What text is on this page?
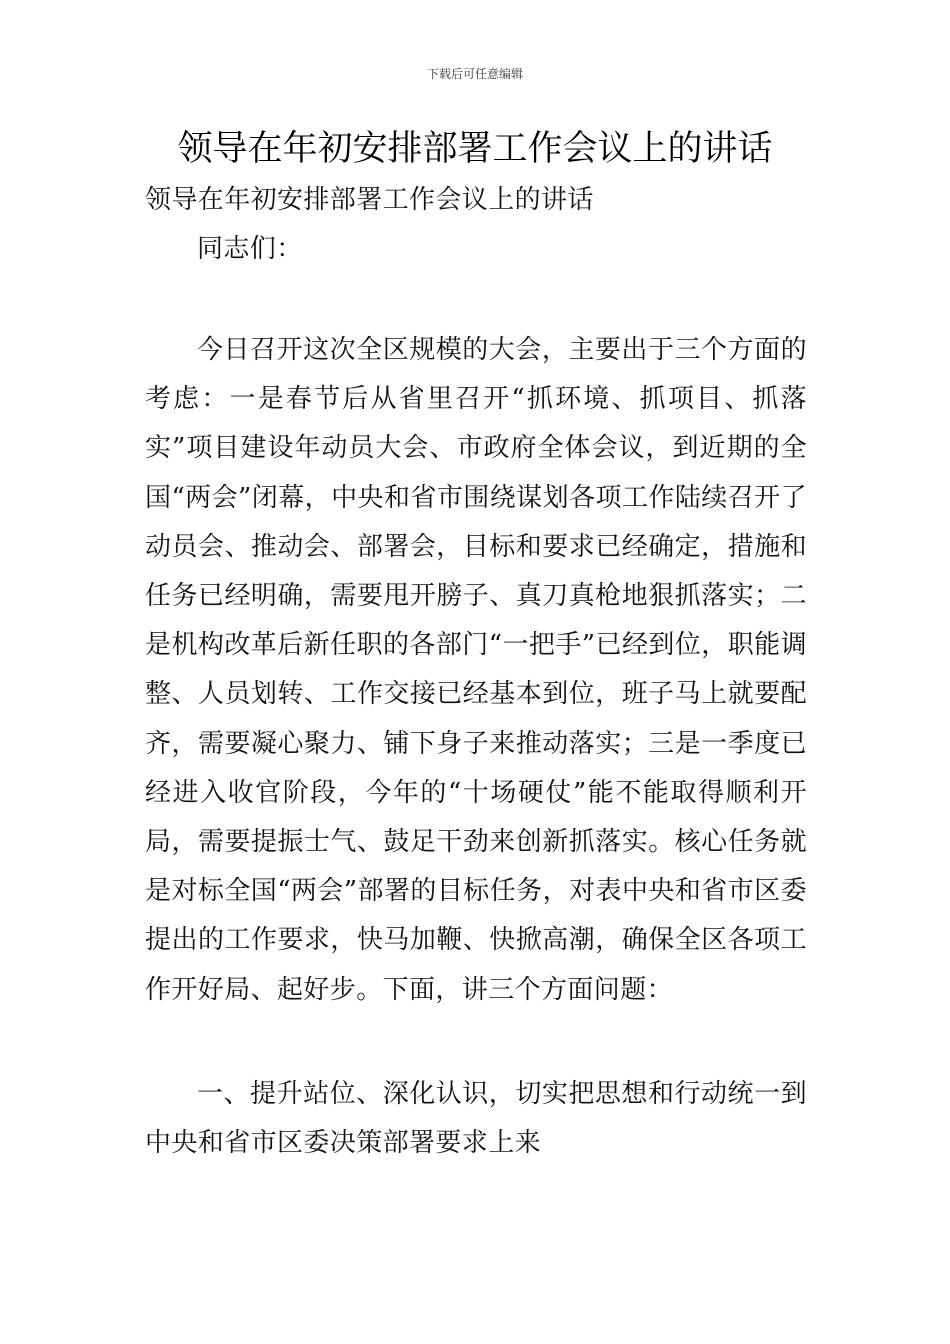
下载后可任意编辑
领导在年初安排部署工作会议上的讲话

领导在年初安排部署工作会议上的讲话

同志们：

今日召开这次全区规模的大会，主要出于三个方面的考虑：一是春节后从省里召开“抓环境、抓项目、抓落实”项目建设年动员大会、市政府全体会议，到近期的全国“两会”闭幕，中央和省市围绕谋划各项工作陆续召开了动员会、推动会、部署会，目标和要求已经确定，措施和任务已经明确，需要甩开膀子、真刀真枪地狠抓落实；二是机构改革后新任职的各部门“一把手”已经到位，职能调整、人员划转、工作交接已经基本到位，班子马上就要配齐，需要凝心聚力、铺下身子来推动落实；三是一季度已经进入收官阶段，今年的“十场硬仗”能不能取得顺利开局，需要提振士气、鼓足干劲来创新抓落实。核心任务就是对标全国“两会”部署的目标任务，对表中央和省市区委提出的工作要求，快马加鞭、快掀高潮，确保全区各项工作开好局、起好步。下面，讲三个方面问题：

一、提升站位、深化认识，切实把思想和行动统一到中央和省市区委决策部署要求上来
